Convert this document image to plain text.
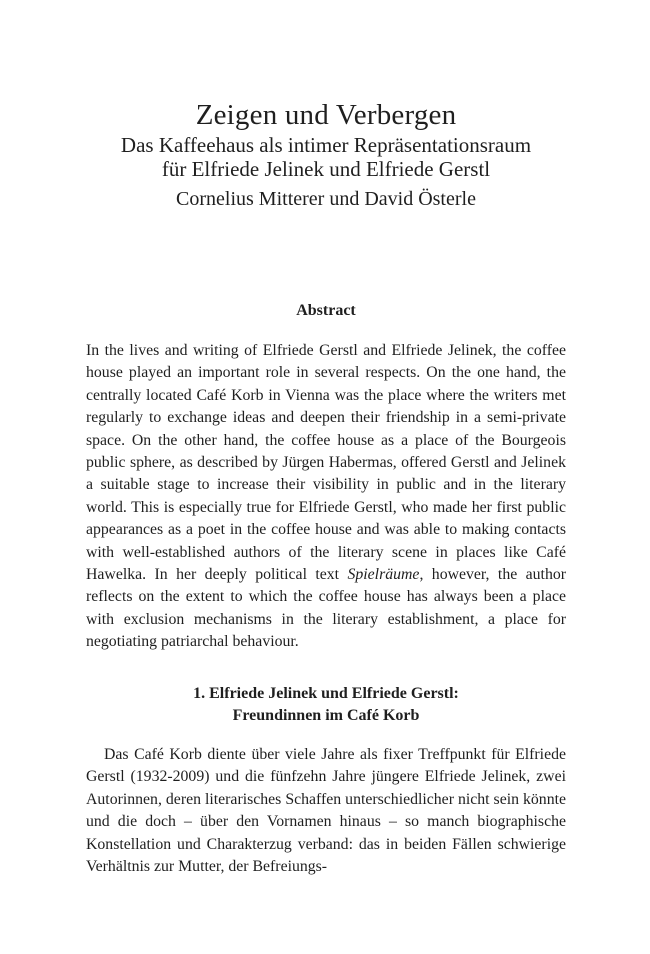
Zeigen und Verbergen
Das Kaffeehaus als intimer Repräsentationsraum
für Elfriede Jelinek und Elfriede Gerstl
Cornelius Mitterer und David Österle
Abstract
In the lives and writing of Elfriede Gerstl and Elfriede Jelinek, the coffee house played an important role in several respects. On the one hand, the centrally located Café Korb in Vienna was the place where the writers met regularly to exchange ideas and deepen their friendship in a semi-private space. On the other hand, the coffee house as a place of the Bourgeois public sphere, as described by Jürgen Habermas, offered Gerstl and Jelinek a suitable stage to increase their visibility in public and in the literary world. This is especially true for Elfriede Gerstl, who made her first public appearances as a poet in the coffee house and was able to making contacts with well-established authors of the literary scene in places like Café Hawelka. In her deeply political text Spielräume, however, the author reflects on the extent to which the coffee house has always been a place with exclusion mechanisms in the literary establishment, a place for negotiating patriarchal behaviour.
1. Elfriede Jelinek und Elfriede Gerstl:
Freundinnen im Café Korb
Das Café Korb diente über viele Jahre als fixer Treffpunkt für Elfriede Gerstl (1932-2009) und die fünfzehn Jahre jüngere Elfriede Jelinek, zwei Autorinnen, deren literarisches Schaffen unterschiedlicher nicht sein könnte und die doch – über den Vornamen hinaus – so manch biographische Konstellation und Charakterzug verband: das in beiden Fällen schwierige Verhältnis zur Mutter, der Befreiungs-
